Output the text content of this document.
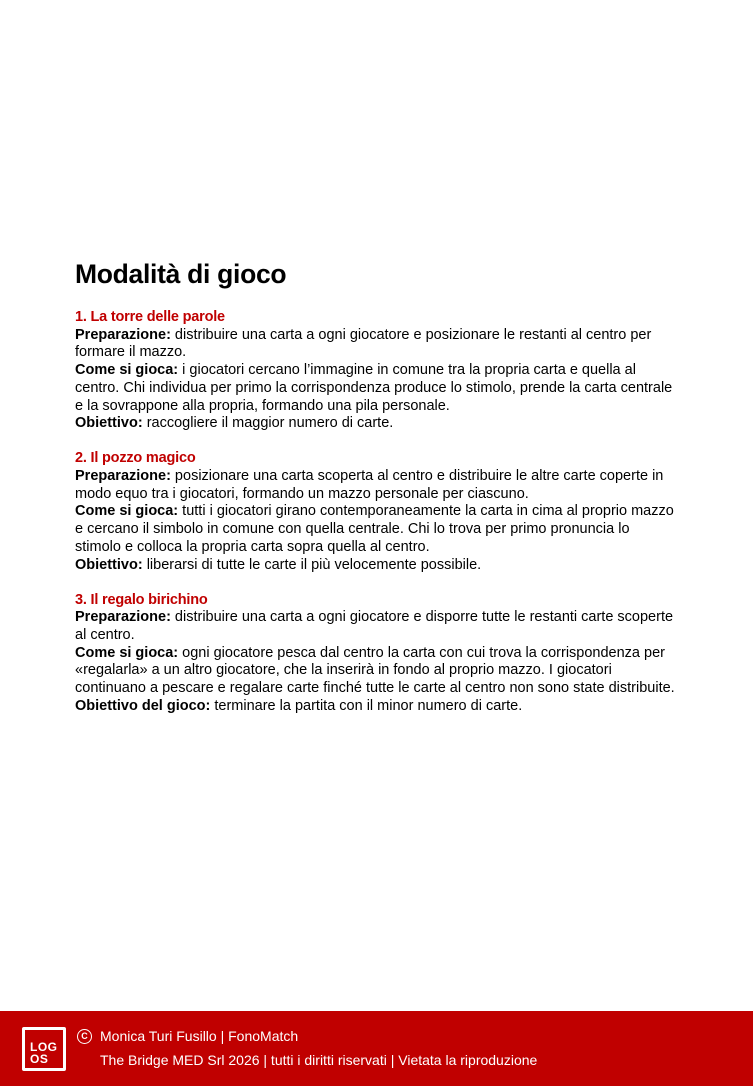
Modalità di gioco
1. La torre delle parole
Preparazione: distribuire una carta a ogni giocatore e posizionare le restanti al centro per formare il mazzo.
Come si gioca: i giocatori cercano l’immagine in comune tra la propria carta e quella al centro. Chi individua per primo la corrispondenza produce lo stimolo, prende la carta centrale e la sovrappone alla propria, formando una pila personale.
Obiettivo: raccogliere il maggior numero di carte.
2. Il pozzo magico
Preparazione: posizionare una carta scoperta al centro e distribuire le altre carte coperte in modo equo tra i giocatori, formando un mazzo personale per ciascuno.
Come si gioca: tutti i giocatori girano contemporaneamente la carta in cima al proprio mazzo e cercano il simbolo in comune con quella centrale. Chi lo trova per primo pronuncia lo stimolo e colloca la propria carta sopra quella al centro.
Obiettivo: liberarsi di tutte le carte il più velocemente possibile.
3. Il regalo birichino
Preparazione: distribuire una carta a ogni giocatore e disporre tutte le restanti carte scoperte al centro.
Come si gioca: ogni giocatore pesca dal centro la carta con cui trova la corrispondenza per «regalarla» a un altro giocatore, che la inserirà in fondo al proprio mazzo. I giocatori continuano a pescare e regalare carte finché tutte le carte al centro non sono state distribuite.
Obiettivo del gioco: terminare la partita con il minor numero di carte.
LOG
OS
C Monica Turi Fusillo | FonoMatch
The Bridge MED Srl 2026 | tutti i diritti riservati | Vietata la riproduzione
